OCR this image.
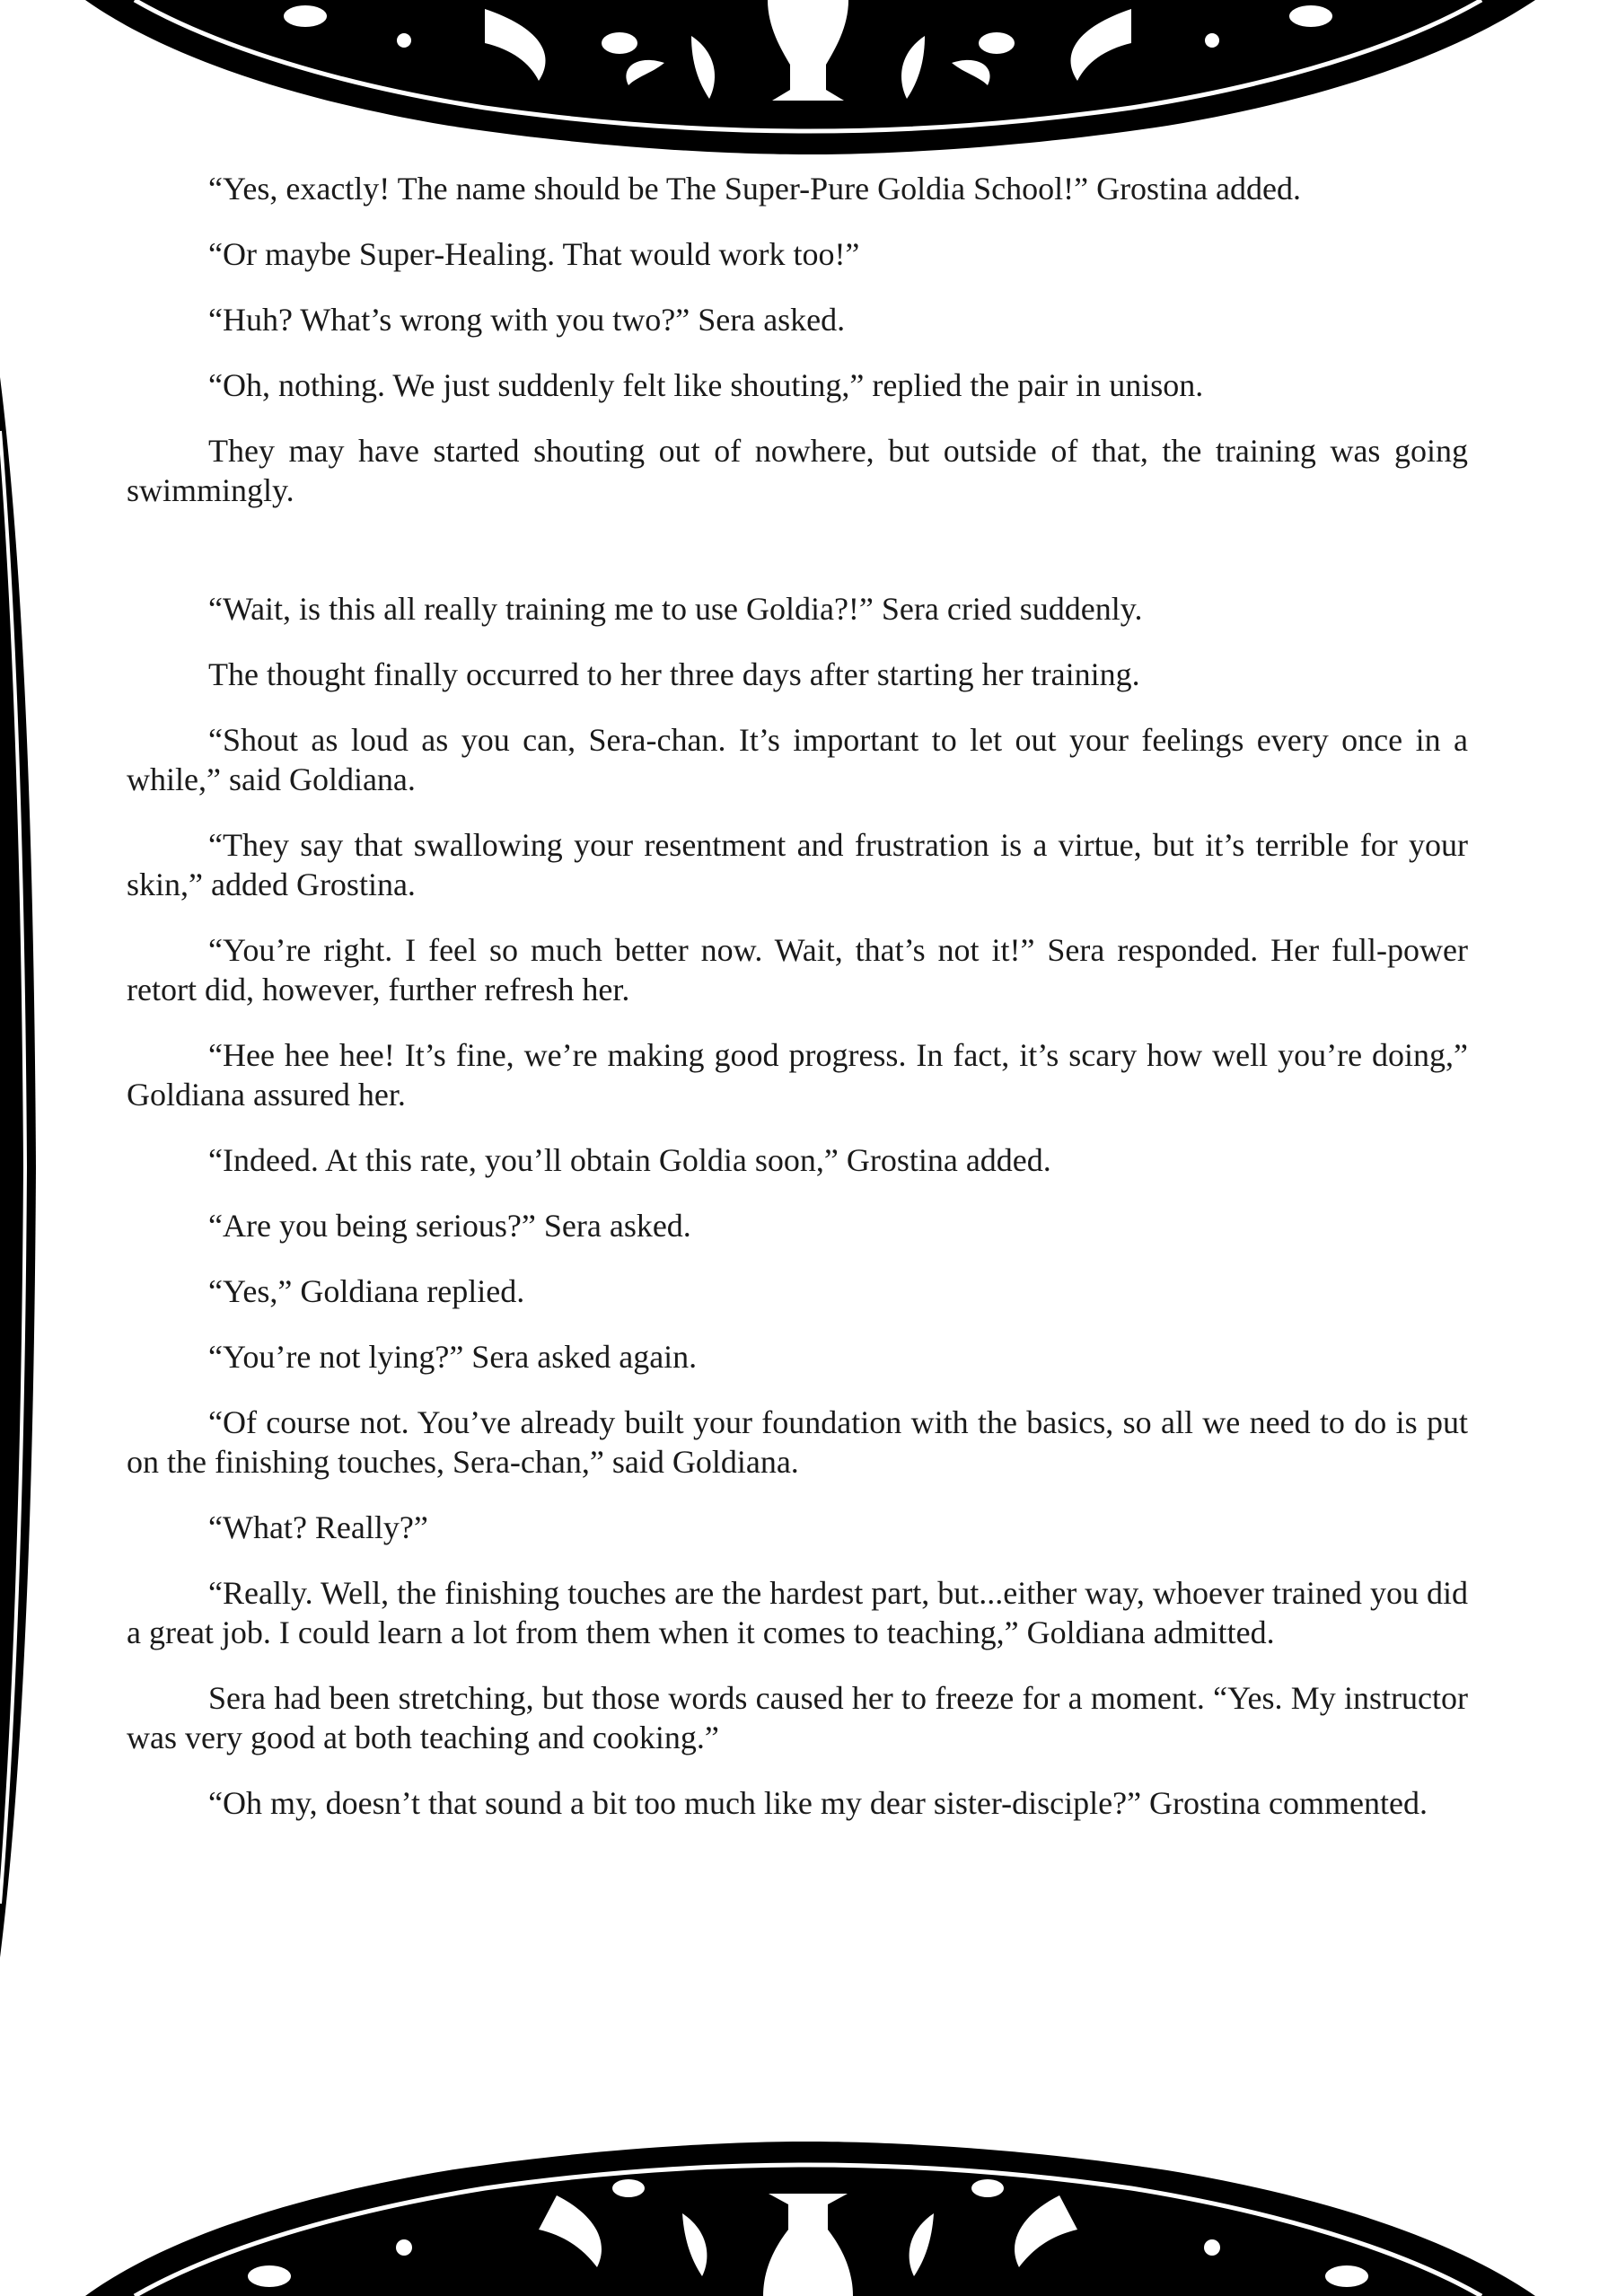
“Yes, exactly! The name should be The Super-Pure Goldia School!” Grostina added.

“Or maybe Super-Healing. That would work too!”

“Huh? What’s wrong with you two?” Sera asked.

“Oh, nothing. We just suddenly felt like shouting,” replied the pair in unison.

They may have started shouting out of nowhere, but outside of that, the training was going swimmingly.

“Wait, is this all really training me to use Goldia?!” Sera cried suddenly.

The thought finally occurred to her three days after starting her training.

“Shout as loud as you can, Sera-chan. It’s important to let out your feelings every once in a while,” said Goldiana.

“They say that swallowing your resentment and frustration is a virtue, but it’s terrible for your skin,” added Grostina.

“You’re right. I feel so much better now. Wait, that’s not it!” Sera responded. Her full-power retort did, however, further refresh her.

“Hee hee hee! It’s fine, we’re making good progress. In fact, it’s scary how well you’re doing,” Goldiana assured her.

“Indeed. At this rate, you’ll obtain Goldia soon,” Grostina added.

“Are you being serious?” Sera asked.

“Yes,” Goldiana replied.

“You’re not lying?” Sera asked again.

“Of course not. You’ve already built your foundation with the basics, so all we need to do is put on the finishing touches, Sera-chan,” said Goldiana.

“What? Really?”

“Really. Well, the finishing touches are the hardest part, but...either way, whoever trained you did a great job. I could learn a lot from them when it comes to teaching,” Goldiana admitted.

Sera had been stretching, but those words caused her to freeze for a moment. “Yes. My instructor was very good at both teaching and cooking.”

“Oh my, doesn’t that sound a bit too much like my dear sister-disciple?” Grostina commented.
